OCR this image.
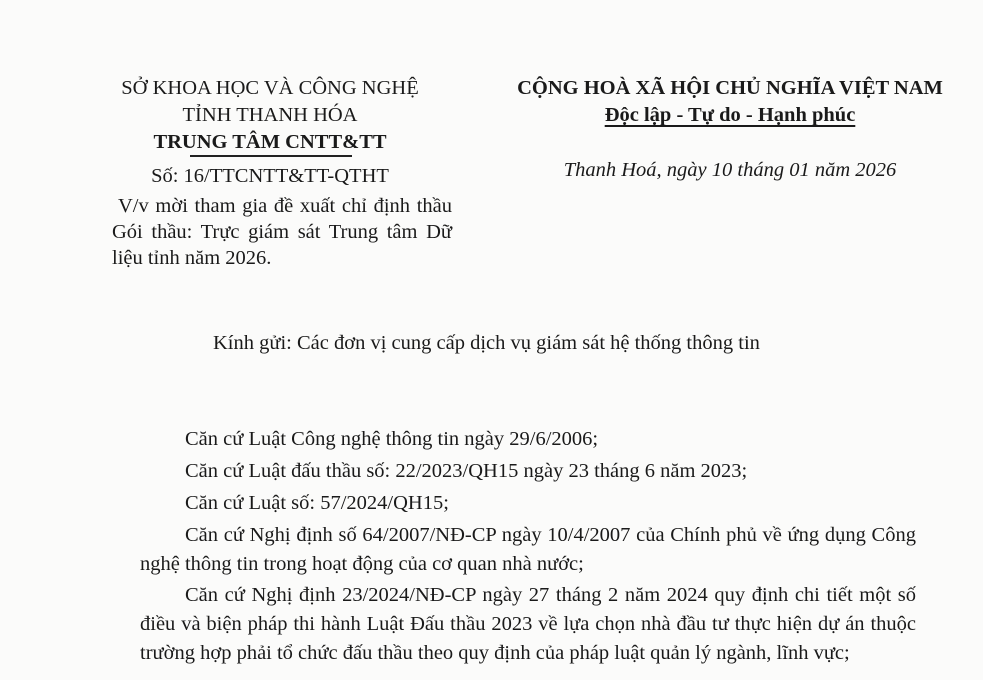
SỞ KHOA HỌC VÀ CÔNG NGHỆ
TỈNH THANH HÓA
TRUNG TÂM CNTT&TT
Số: 16/TTCNTT&TT-QTHT
V/v mời tham gia đề xuất chỉ định thầu Gói thầu: Trực giám sát Trung tâm Dữ liệu tỉnh năm 2026.
CỘNG HOÀ XÃ HỘI CHỦ NGHĨA VIỆT NAM
Độc lập - Tự do - Hạnh phúc
Thanh Hoá, ngày 10 tháng 01 năm 2026
Kính gửi: Các đơn vị cung cấp dịch vụ giám sát hệ thống thông tin
Căn cứ Luật Công nghệ thông tin ngày 29/6/2006;
Căn cứ Luật đấu thầu số: 22/2023/QH15 ngày 23 tháng 6 năm 2023;
Căn cứ Luật số: 57/2024/QH15;
Căn cứ Nghị định số 64/2007/NĐ-CP ngày 10/4/2007 của Chính phủ về ứng dụng Công nghệ thông tin trong hoạt động của cơ quan nhà nước;
Căn cứ Nghị định 23/2024/NĐ-CP ngày 27 tháng 2 năm 2024 quy định chi tiết một số điều và biện pháp thi hành Luật Đấu thầu 2023 về lựa chọn nhà đầu tư thực hiện dự án thuộc trường hợp phải tổ chức đấu thầu theo quy định của pháp luật quản lý ngành, lĩnh vực;
